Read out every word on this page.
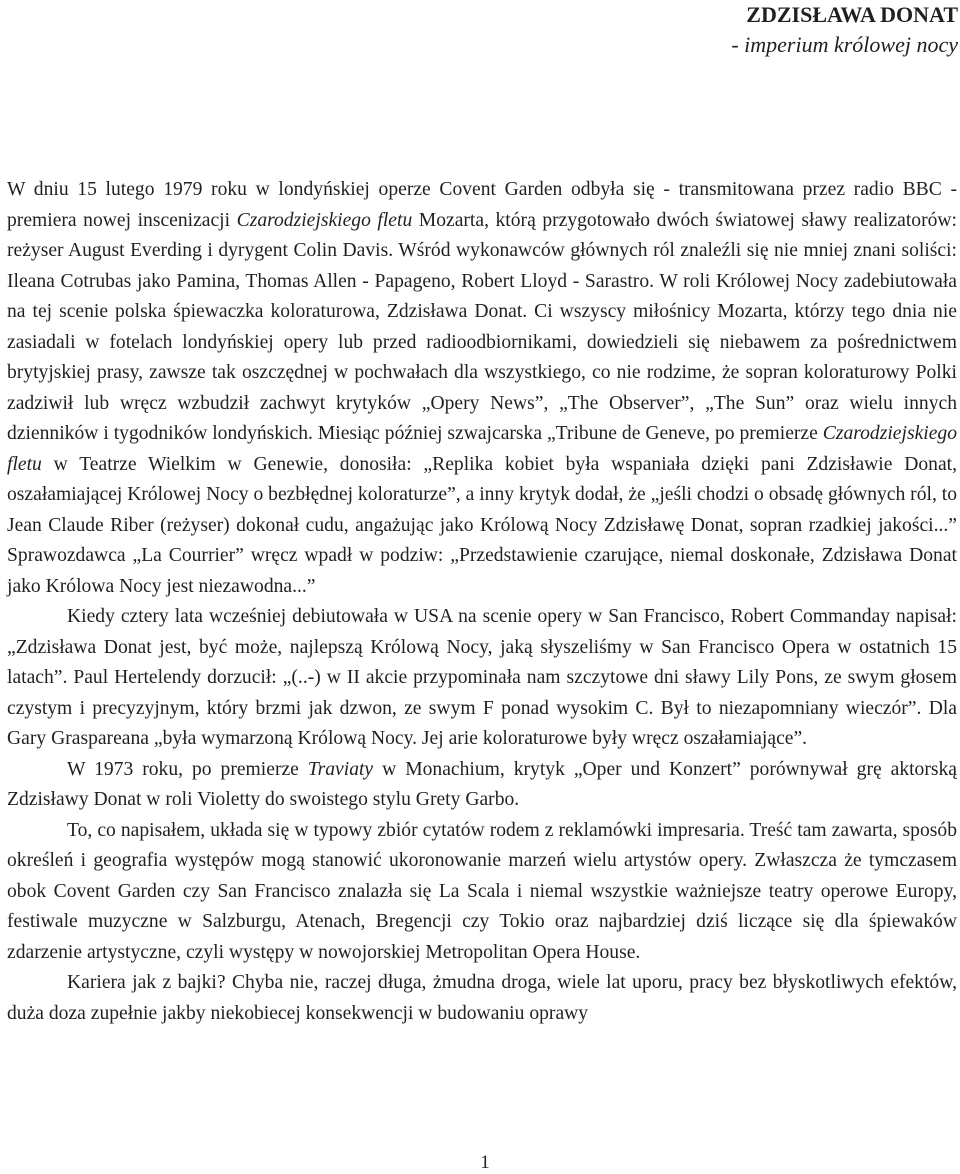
ZDZISŁAWA DONAT
- imperium królowej nocy

W dniu 15 lutego 1979 roku w londyńskiej operze Covent Garden odbyła się - transmitowana przez radio BBC - premiera nowej inscenizacji Czarodziejskiego fletu Mozarta, którą przygotowało dwóch światowej sławy realizatorów: reżyser August Everding i dyrygent Colin Davis. Wśród wykonawców głównych ról znaleźli się nie mniej znani soliści: Ileana Cotrubas jako Pamina, Thomas Allen - Papageno, Robert Lloyd - Sarastro. W roli Królowej Nocy zadebiutowała na tej scenie polska śpiewaczka koloraturowa, Zdzisława Donat. Ci wszyscy miłośnicy Mozarta, którzy tego dnia nie zasiadali w fotelach londyńskiej opery lub przed radioodbiornikami, dowiedzieli się niebawem za pośrednictwem brytyjskiej prasy, zawsze tak oszczędnej w pochwałach dla wszystkiego, co nie rodzime, że sopran koloraturowy Polki zadziwił lub wręcz wzbudził zachwyt krytyków „Opery News”, „The Observer”, „The Sun” oraz wielu innych dzienników i tygodników londyńskich. Miesiąc później szwajcarska „Tribune de Geneve, po premierze Czarodziejskiego fletu w Teatrze Wielkim w Genewie, donosiła: „Replika kobiet była wspaniała dzięki pani Zdzisławie Donat, oszałamiającej Królowej Nocy o bezbłędnej koloraturze”, a inny krytyk dodał, że „jeśli chodzi o obsadę głównych ról, to Jean Claude Riber (reżyser) dokonał cudu, angażując jako Królową Nocy Zdzisławę Donat, sopran rzadkiej jakości...” Sprawozdawca „La Courrier” wręcz wpadł w podziw: „Przedstawienie czarujące, niemal doskonałe, Zdzisława Donat jako Królowa Nocy jest niezawodna...”

Kiedy cztery lata wcześniej debiutowała w USA na scenie opery w San Francisco, Robert Commanday napisał: „Zdzisława Donat jest, być może, najlepszą Królową Nocy, jaką słyszeliśmy w San Francisco Opera w ostatnich 15 latach”. Paul Hertelendy dorzucił: „(..-) w II akcie przypominała nam szczytowe dni sławy Lily Pons, ze swym głosem czystym i precyzyjnym, który brzmi jak dzwon, ze swym F ponad wysokim C. Był to niezapomniany wieczór”. Dla Gary Graspareana „była wymarzoną Królową Nocy. Jej arie koloraturowe były wręcz oszałamiające”.

W 1973 roku, po premierze Traviaty w Monachium, krytyk „Oper und Konzert” porównywał grę aktorską Zdzisławy Donat w roli Violetty do swoistego stylu Grety Garbo.

To, co napisałem, układa się w typowy zbiór cytatów rodem z reklamówki impresaria. Treść tam zawarta, sposób określeń i geografia występów mogą stanowić ukoronowanie marzeń wielu artystów opery. Zwłaszcza że tymczasem obok Covent Garden czy San Francisco znalazła się La Scala i niemal wszystkie ważniejsze teatry operowe Europy, festiwale muzyczne w Salzburgu, Atenach, Bregencji czy Tokio oraz najbardziej dziś liczące się dla śpiewaków zdarzenie artystyczne, czyli występy w nowojorskiej Metropolitan Opera House.

Kariera jak z bajki? Chyba nie, raczej długa, żmudna droga, wiele lat uporu, pracy bez błyskotliwych efektów, duża doza zupełnie jakby niekobiecej konsekwencji w budowaniu oprawy

1
